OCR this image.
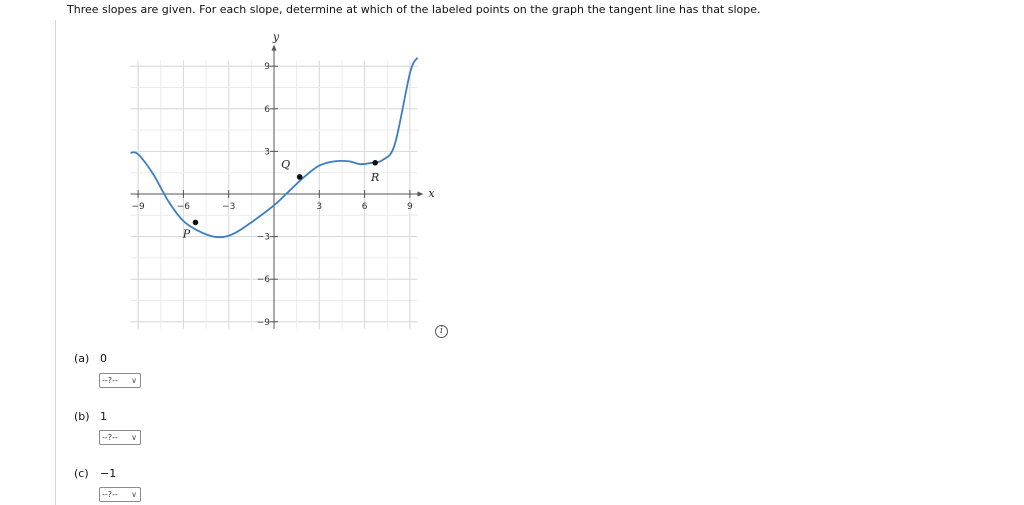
Three slopes are given. For each slope, determine at which of the labeled points on the graph the tangent line has that slope.
−9	−6	−3	3	6	9
−9
−6
−3
3
6
9
x
y
P
Q
R
i
(a) 0
--?-- ∨
(b) 1
--?-- ∨
(c) −1
--?-- ∨
